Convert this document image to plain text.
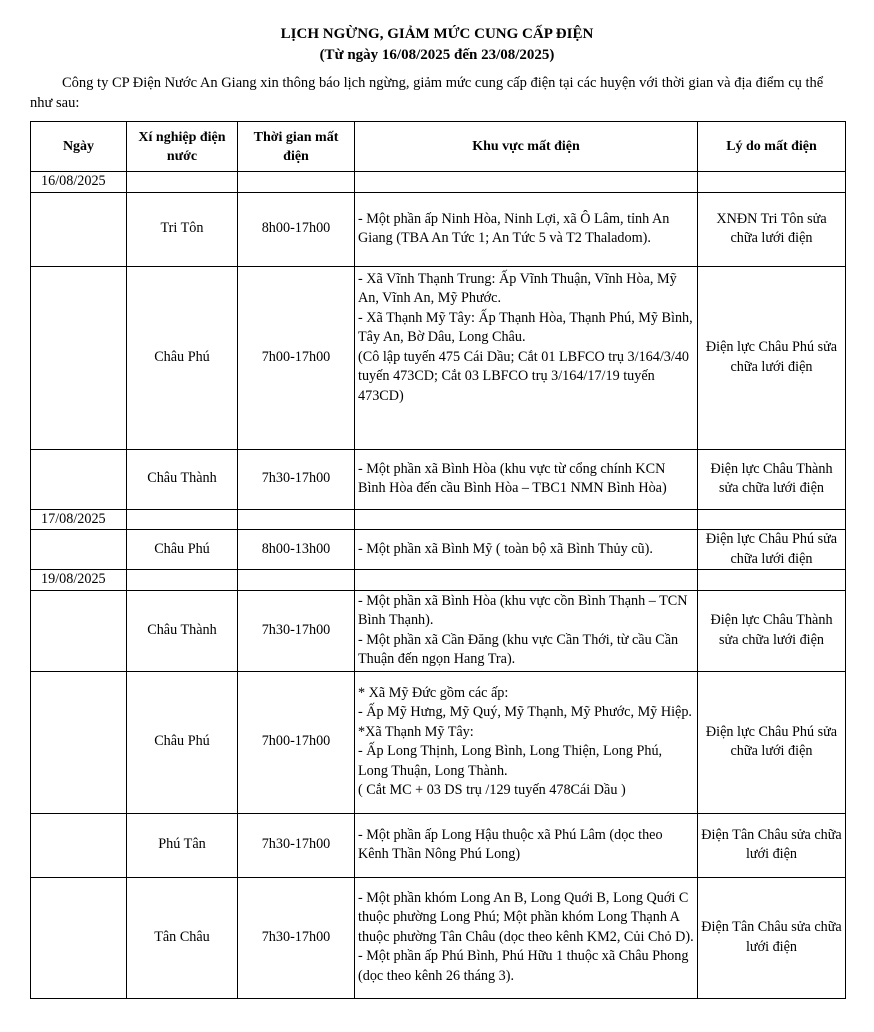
LỊCH NGỪNG, GIẢM MỨC CUNG CẤP ĐIỆN
(Từ ngày 16/08/2025 đến 23/08/2025)
Công ty CP Điện Nước An Giang xin thông báo lịch ngừng, giảm mức cung cấp điện tại các huyện với thời gian và địa điểm cụ thể như sau:
Ngày	Xí nghiệp điện nước	Thời gian mất điện	Khu vực mất điện	Lý do mất điện
16/08/2025				
	Tri Tôn	8h00-17h00	- Một phần ấp Ninh Hòa, Ninh Lợi, xã Ô Lâm, tỉnh An Giang (TBA An Tức 1; An Tức 5 và T2 Thaladom).	XNĐN Tri Tôn sửa chữa lưới điện
	Châu Phú	7h00-17h00	- Xã Vĩnh Thạnh Trung: Ấp Vĩnh Thuận, Vĩnh Hòa, Mỹ An, Vĩnh An, Mỹ Phước.
- Xã Thạnh Mỹ Tây: Ấp Thạnh Hòa, Thạnh Phú, Mỹ Bình, Tây An, Bờ Dâu, Long Châu.
(Cô lập tuyến 475 Cái Dầu; Cắt 01 LBFCO trụ 3/164/3/40 tuyến 473CD; Cắt 03 LBFCO trụ 3/164/17/19 tuyến 473CD)	Điện lực Châu Phú sửa chữa lưới điện
	Châu Thành	7h30-17h00	- Một phần xã Bình Hòa (khu vực từ cổng chính KCN Bình Hòa đến cầu Bình Hòa – TBC1 NMN Bình Hòa)	Điện lực Châu Thành sửa chữa lưới điện
17/08/2025				
	Châu Phú	8h00-13h00	- Một phần xã Bình Mỹ ( toàn bộ xã Bình Thủy cũ).	Điện lực Châu Phú sửa chữa lưới điện
19/08/2025				
	Châu Thành	7h30-17h00	- Một phần xã Bình Hòa (khu vực cồn Bình Thạnh – TCN Bình Thạnh).
- Một phần xã Cần Đăng (khu vực Cần Thới, từ cầu Cần Thuận đến ngọn Hang Tra).	Điện lực Châu Thành sửa chữa lưới điện
	Châu Phú	7h00-17h00	* Xã Mỹ Đức gồm các ấp:
- Ấp Mỹ Hưng, Mỹ Quý, Mỹ Thạnh, Mỹ Phước, Mỹ Hiệp.
*Xã Thạnh Mỹ Tây:
- Ấp Long Thịnh, Long Bình, Long Thiện, Long Phú, Long Thuận, Long Thành.
( Cắt MC + 03 DS trụ /129 tuyến 478Cái Dầu )	Điện lực Châu Phú sửa chữa lưới điện
	Phú Tân	7h30-17h00	- Một phần ấp Long Hậu thuộc xã Phú Lâm (dọc theo Kênh Thần Nông Phú Long)	Điện Tân Châu sửa chữa lưới điện
	Tân Châu	7h30-17h00	- Một phần khóm Long An B, Long Quới B, Long Quới C thuộc phường Long Phú; Một phần khóm Long Thạnh A thuộc phường Tân Châu (dọc theo kênh KM2, Củi Chỏ D).
- Một phần ấp Phú Bình, Phú Hữu 1 thuộc xã Châu Phong (dọc theo kênh 26 tháng 3).	Điện Tân Châu sửa chữa lưới điện
